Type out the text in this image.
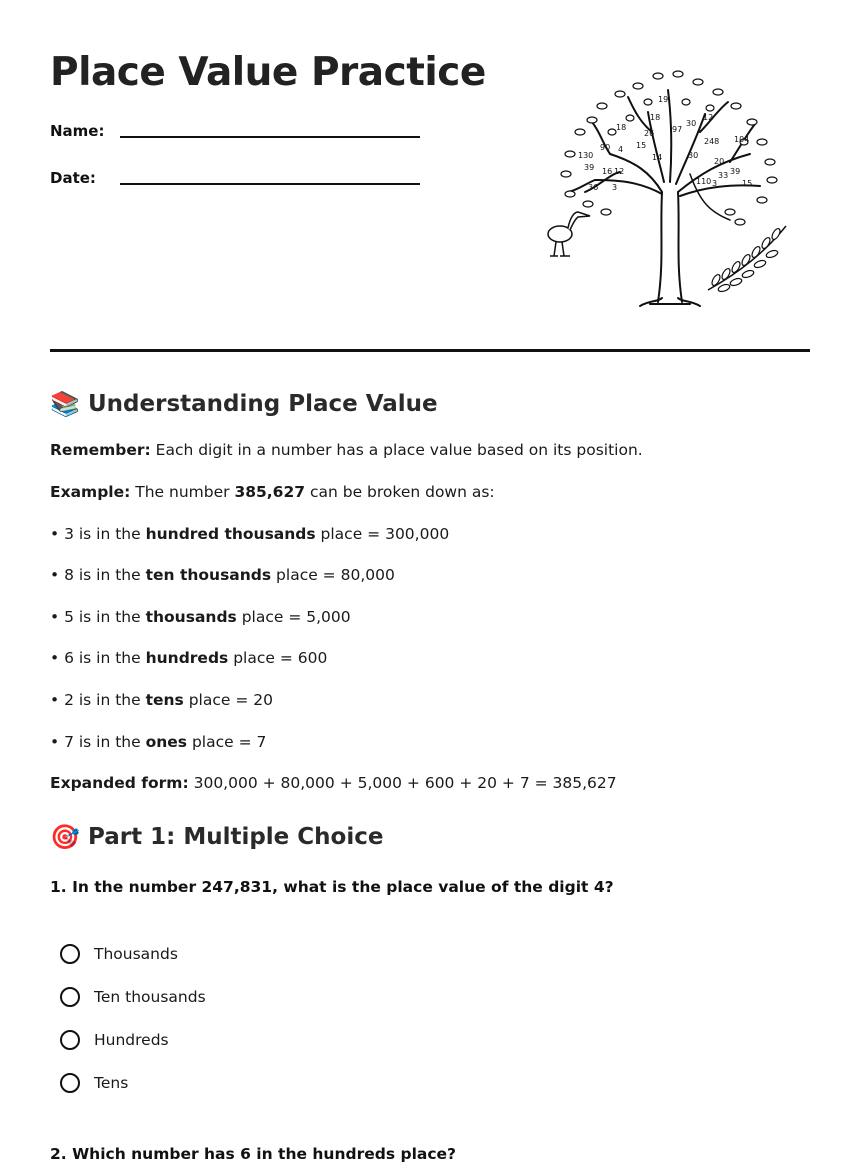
Place Value Practice
Name:
Date:
18
26 97
30
12
104
90 4 15
14
248
30
20
39
16 12	33
39
3
110	15
36 3
130
19
18
📚 Understanding Place Value
Remember: Each digit in a number has a place value based on its position.
Example: The number 385,627 can be broken down as:
• 3 is in the hundred thousands place = 300,000
• 8 is in the ten thousands place = 80,000
• 5 is in the thousands place = 5,000
• 6 is in the hundreds place = 600
• 2 is in the tens place = 20
• 7 is in the ones place = 7
Expanded form: 300,000 + 80,000 + 5,000 + 600 + 20 + 7 = 385,627
🎯 Part 1: Multiple Choice
1. In the number 247,831, what is the place value of the digit 4?
Thousands
Ten thousands
Hundreds
Tens
2. Which number has 6 in the hundreds place?
